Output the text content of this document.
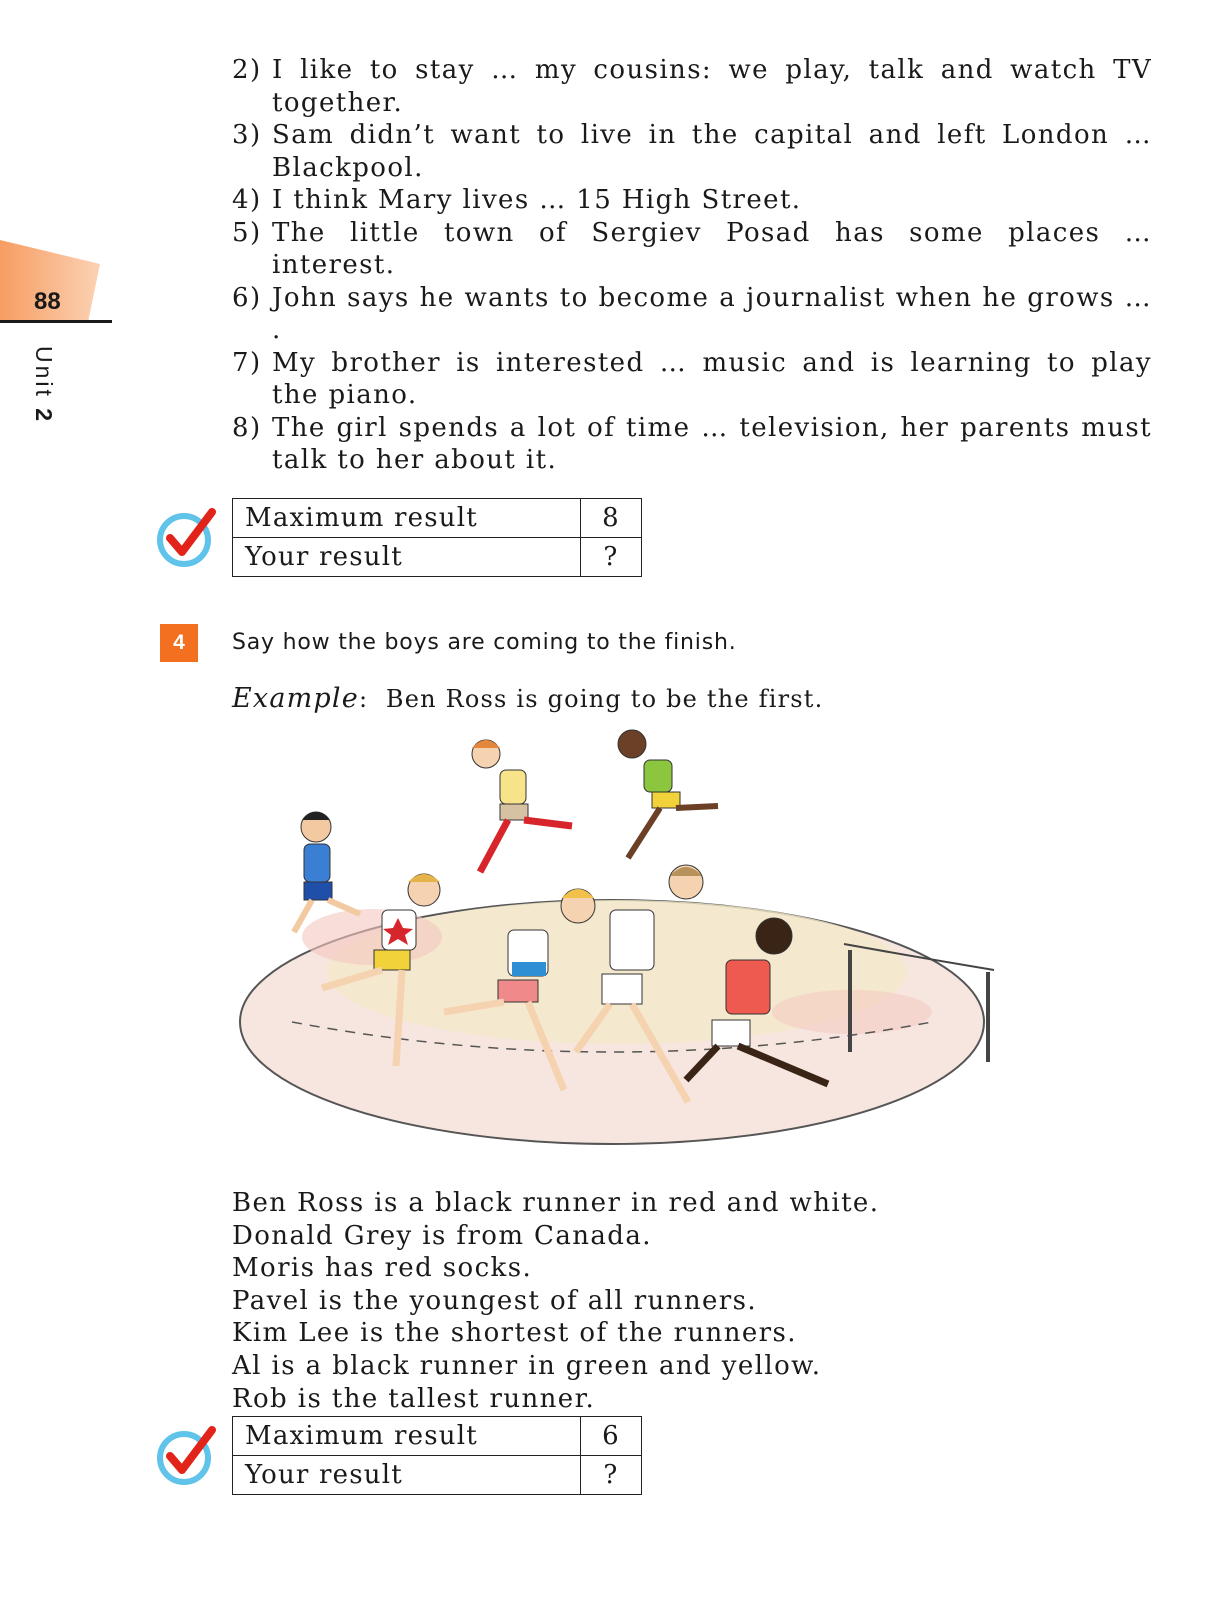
88
Unit 2
2) I like to stay … my cousins: we play, talk and watch TV together.
3) Sam didn’t want to live in the capital and left London … Blackpool.
4) I think Mary lives … 15 High Street.
5) The little town of Sergiev Posad has some places … interest.
6) John says he wants to become a journalist when he grows … .
7) My brother is interested … music and is learning to play the piano.
8) The girl spends a lot of time … television, her parents must talk to her about it.
Maximum result	8
Your result	?
4	Say how the boys are coming to the finish.
Example:  Ben Ross is going to be the first.
Ben Ross is a black runner in red and white.
Donald Grey is from Canada.
Moris has red socks.
Pavel is the youngest of all runners.
Kim Lee is the shortest of the runners.
Al is a black runner in green and yellow.
Rob is the tallest runner.
Maximum result	6
Your result	?
